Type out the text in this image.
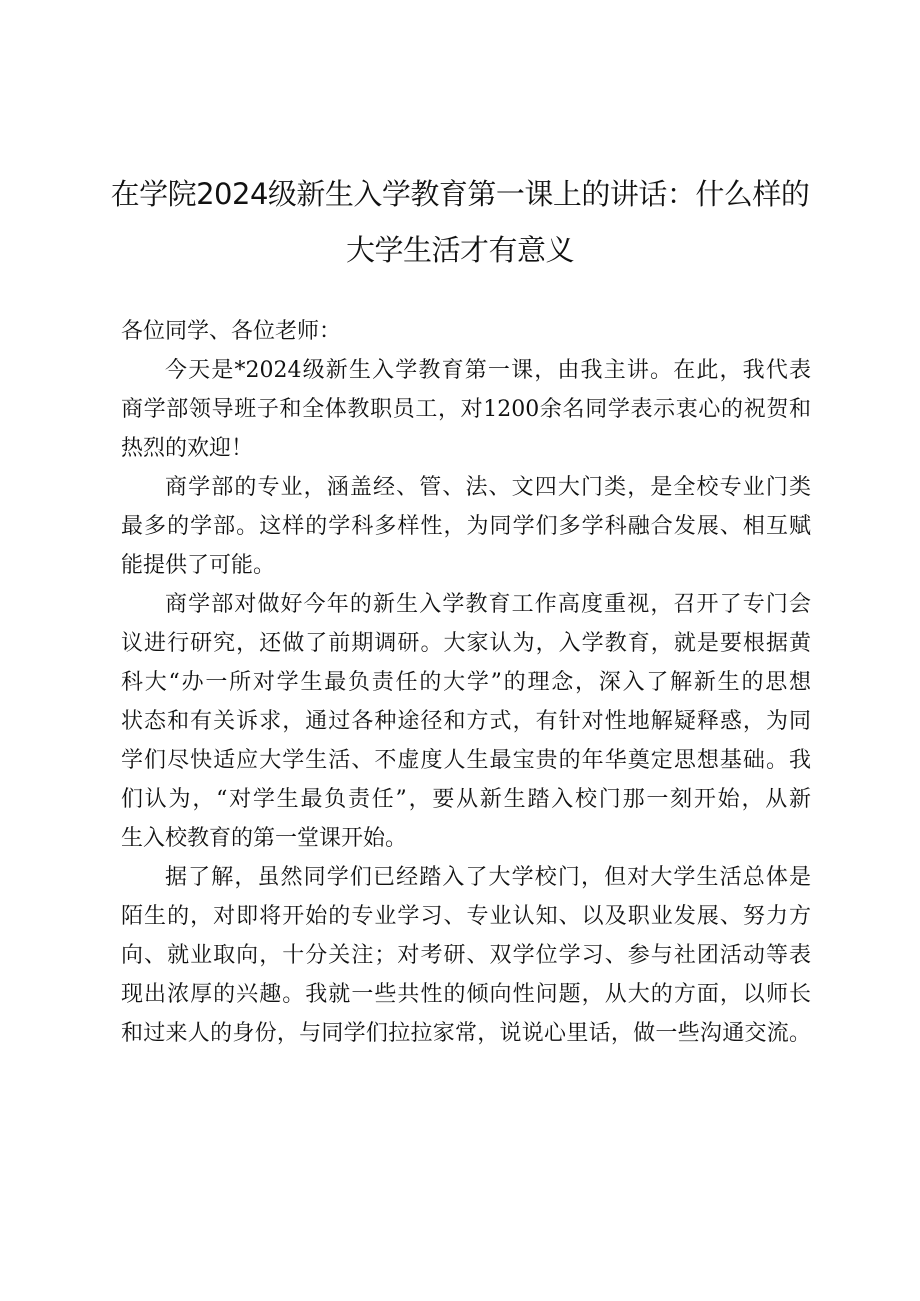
在学院2024级新生入学教育第一课上的讲话：什么样的
大学生活才有意义

各位同学、各位老师：

今天是*2024级新生入学教育第一课，由我主讲。在此，我代表
商学部领导班子和全体教职员工，对1200余名同学表示衷心的祝贺和
热烈的欢迎！

商学部的专业，涵盖经、管、法、文四大门类，是全校专业门类
最多的学部。这样的学科多样性，为同学们多学科融合发展、相互赋
能提供了可能。

商学部对做好今年的新生入学教育工作高度重视，召开了专门会
议进行研究，还做了前期调研。大家认为，入学教育，就是要根据黄
科大“办一所对学生最负责任的大学”的理念，深入了解新生的思想
状态和有关诉求，通过各种途径和方式，有针对性地解疑释惑，为同
学们尽快适应大学生活、不虚度人生最宝贵的年华奠定思想基础。我
们认为，“对学生最负责任”，要从新生踏入校门那一刻开始，从新
生入校教育的第一堂课开始。

据了解，虽然同学们已经踏入了大学校门，但对大学生活总体是
陌生的，对即将开始的专业学习、专业认知、以及职业发展、努力方
向、就业取向，十分关注；对考研、双学位学习、参与社团活动等表
现出浓厚的兴趣。我就一些共性的倾向性问题，从大的方面，以师长
和过来人的身份，与同学们拉拉家常，说说心里话，做一些沟通交流。
